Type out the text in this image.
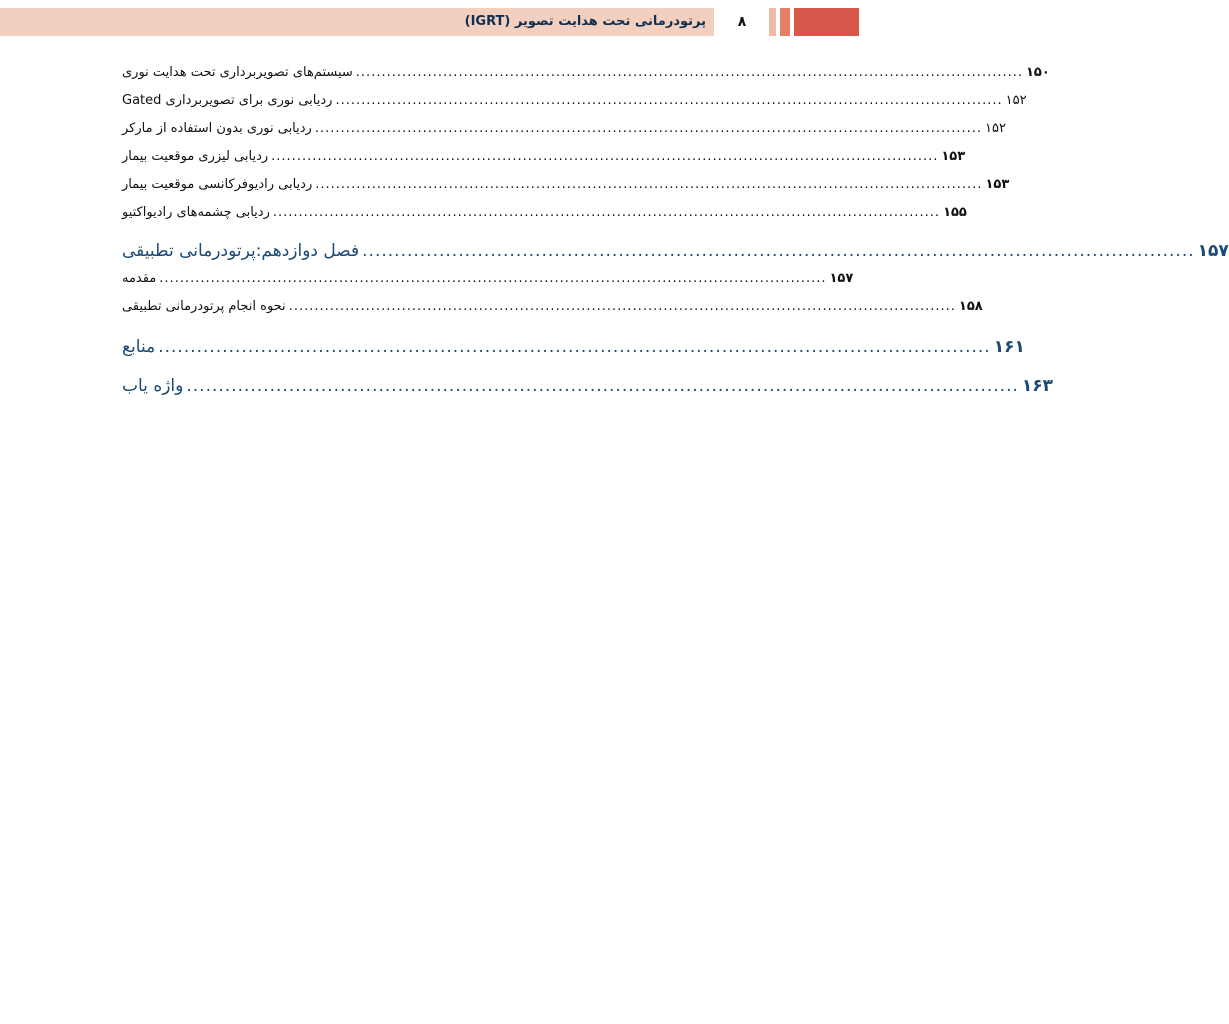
پرتودرمانی تحت هدایت تصویر (IGRT)	۸
سیستم‌های تصویربرداری تحت هدایت نوری .................................................................................................................................. ۱۵۰
ردیابی نوری برای تصویربرداری Gated .................................................................................................................................. ۱۵۲
ردیابی نوری بدون استفاده از مارکر .................................................................................................................................. ۱۵۲
ردیابی لیزری موقعیت بیمار .................................................................................................................................. ۱۵۳
ردیابی رادیوفرکانسی موقعیت بیمار .................................................................................................................................. ۱۵۳
ردیابی چشمه‌های رادیواکتیو .................................................................................................................................. ۱۵۵
فصل دوازدهم:پرتودرمانی تطبیقی .................................................................................................................................. ۱۵۷
مقدمه .................................................................................................................................. ۱۵۷
نحوه انجام پرتودرمانی تطبیقی .................................................................................................................................. ۱۵۸
منابع .................................................................................................................................. ۱۶۱
واژه یاب .................................................................................................................................. ۱۶۳
